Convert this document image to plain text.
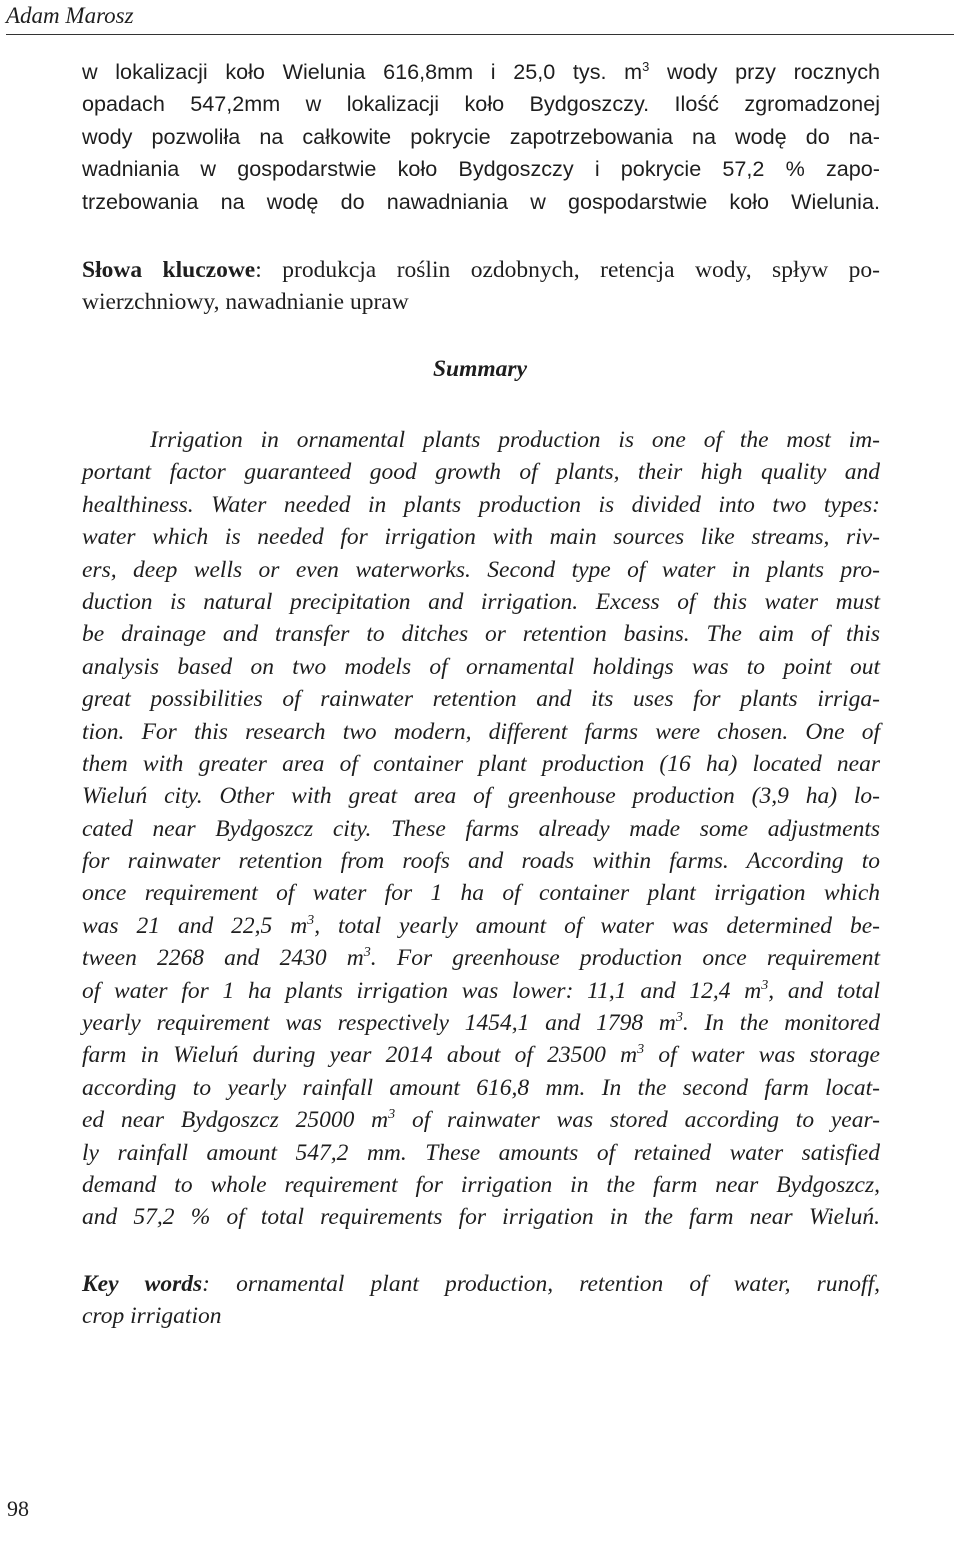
Adam Marosz
w lokalizacji koło Wielunia 616,8mm i 25,0 tys. $m^3$ wody przy rocznych
opadach 547,2mm w lokalizacji koło Bydgoszczy. Ilość zgromadzonej
wody pozwoliła na całkowite pokrycie zapotrzebowania na wodę do na-
wadniania w gospodarstwie koło Bydgoszczy i pokrycie 57,2 % zapo-
trzebowania na wodę do nawadniania w gospodarstwie koło Wielunia.
Słowa kluczowe: produkcja roślin ozdobnych, retencja wody, spływ po-
wierzchniowy, nawadnianie upraw
Summary
Irrigation in ornamental plants production is one of the most im-
portant factor guaranteed good growth of plants, their high quality and
healthiness. Water needed in plants production is divided into two types:
water which is needed for irrigation with main sources like streams, riv-
ers, deep wells or even waterworks. Second type of water in plants pro-
duction is natural precipitation and irrigation. Excess of this water must
be drainage and transfer to ditches or retention basins. The aim of this
analysis based on two models of ornamental holdings was to point out
great possibilities of rainwater retention and its uses for plants irriga-
tion. For this research two modern, different farms were chosen. One of
them with greater area of container plant production (16 ha) located near
Wieluń city. Other with great area of greenhouse production (3,9 ha) lo-
cated near Bydgoszcz city. These farms already made some adjustments
for rainwater retention from roofs and roads within farms. According to
once requirement of water for 1 ha of container plant irrigation which
was 21 and 22,5 $m^3$, total yearly amount of water was determined be-
tween 2268 and 2430 $m^3$. For greenhouse production once requirement
of water for 1 ha plants irrigation was lower: 11,1 and 12,4 $m^3$, and total
yearly requirement was respectively 1454,1 and 1798 $m^3$. In the monitored
farm in Wieluń during year 2014 about of 23500 $m^3$ of water was storage
according to yearly rainfall amount 616,8 mm. In the second farm locat-
ed near Bydgoszcz 25000 $m^3$ of rainwater was stored according to year-
ly rainfall amount 547,2 mm. These amounts of retained water satisfied
demand to whole requirement for irrigation in the farm near Bydgoszcz,
and 57,2 % of total requirements for irrigation in the farm near Wieluń.
Key words: ornamental plant production, retention of water, runoff,
crop irrigation
98
